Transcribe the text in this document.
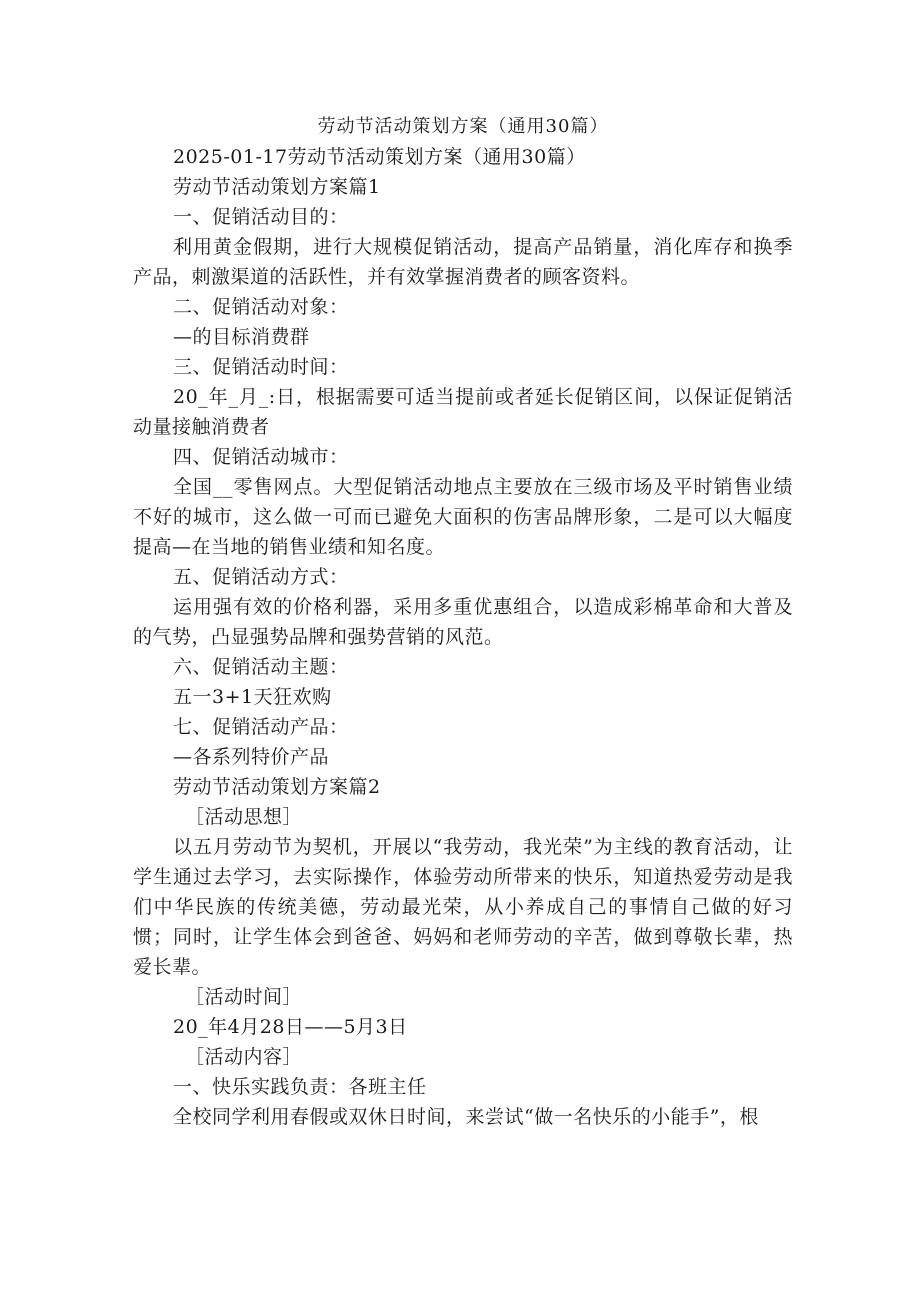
劳动节活动策划方案（通用30篇）

2025-01-17劳动节活动策划方案（通用30篇）

劳动节活动策划方案篇1

一、促销活动目的：

利用黄金假期，进行大规模促销活动，提高产品销量，消化库存和换季产品，刺激渠道的活跃性，并有效掌握消费者的顾客资料。

二、促销活动对象：

—的目标消费群

三、促销活动时间：

20_年_月_:日，根据需要可适当提前或者延长促销区间，以保证促销活动量接触消费者

四、促销活动城市：

全国__零售网点。大型促销活动地点主要放在三级市场及平时销售业绩不好的城市，这么做一可而已避免大面积的伤害品牌形象，二是可以大幅度提高—在当地的销售业绩和知名度。

五、促销活动方式：

运用强有效的价格利器，采用多重优惠组合，以造成彩棉革命和大普及的气势，凸显强势品牌和强势营销的风范。

六、促销活动主题：

五一3+1天狂欢购

七、促销活动产品：

—各系列特价产品

劳动节活动策划方案篇2

［活动思想］

以五月劳动节为契机，开展以“我劳动，我光荣”为主线的教育活动，让学生通过去学习，去实际操作，体验劳动所带来的快乐，知道热爱劳动是我们中华民族的传统美德，劳动最光荣，从小养成自己的事情自己做的好习惯；同时，让学生体会到爸爸、妈妈和老师劳动的辛苦，做到尊敬长辈，热爱长辈。

［活动时间］

20_年4月28日——5月3日

［活动内容］

一、快乐实践负责：各班主任

全校同学利用春假或双休日时间，来尝试“做一名快乐的小能手”，根
